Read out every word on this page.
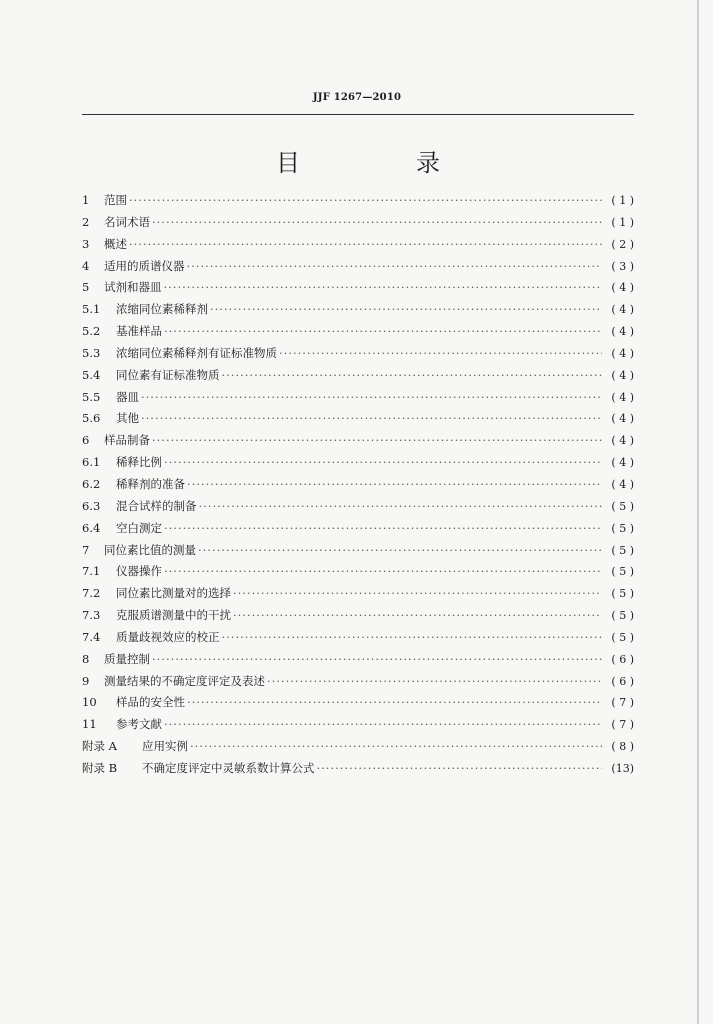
JJF 1267—2010
目　录
1	范围 ·····	( 1 )
2	名词术语 ·····	( 1 )
3	概述 ·····	( 2 )
4	适用的质谱仪器 ·····	( 3 )
5	试剂和器皿 ·····	( 4 )
5.1	浓缩同位素稀释剂 ·····	( 4 )
5.2	基准样品 ·····	( 4 )
5.3	浓缩同位素稀释剂有证标准物质 ·····	( 4 )
5.4	同位素有证标准物质 ·····	( 4 )
5.5	器皿 ·····	( 4 )
5.6	其他 ·····	( 4 )
6	样品制备 ·····	( 4 )
6.1	稀释比例 ·····	( 4 )
6.2	稀释剂的准备 ·····	( 4 )
6.3	混合试样的制备 ·····	( 5 )
6.4	空白测定 ·····	( 5 )
7	同位素比值的测量 ·····	( 5 )
7.1	仪器操作 ·····	( 5 )
7.2	同位素比测量对的选择 ·····	( 5 )
7.3	克服质谱测量中的干扰 ·····	( 5 )
7.4	质量歧视效应的校正 ·····	( 5 )
8	质量控制 ·····	( 6 )
9	测量结果的不确定度评定及表述 ·····	( 6 )
10	样品的安全性 ·····	( 7 )
11	参考文献 ·····	( 7 )
附录 A	应用实例 ·····	( 8 )
附录 B	不确定度评定中灵敏系数计算公式 ·····	(13)
